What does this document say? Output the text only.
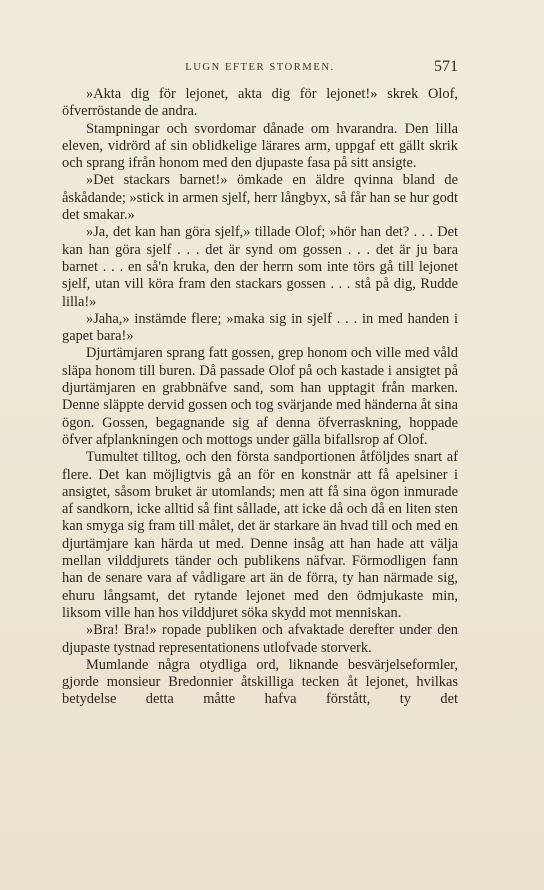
LUGN EFTER STORMEN.	571

»Akta dig för lejonet, akta dig för lejonet!» skrek Olof, öfverröstande de andra.

Stampningar och svordomar dånade om hvarandra. Den lilla eleven, vidrörd af sin oblidkelige lärares arm, uppgaf ett gällt skrik och sprang ifrån honom med den djupaste fasa på sitt ansigte.

»Det stackars barnet!» ömkade en äldre qvinna bland de åskådande; »stick in armen sjelf, herr långbyx, så får han se hur godt det smakar.»

»Ja, det kan han göra sjelf,» tillade Olof; »hör han det? . . . Det kan han göra sjelf . . . det är synd om gossen . . . det är ju bara barnet . . . en så'n kruka, den der herrn som inte törs gå till lejonet sjelf, utan vill köra fram den stackars gossen . . . stå på dig, Rudde lilla!»

»Jaha,» instämde flere; »maka sig in sjelf . . . in med handen i gapet bara!»

Djurtämjaren sprang fatt gossen, grep honom och ville med våld släpa honom till buren. Då passade Olof på och kastade i ansigtet på djurtämjaren en grabbnäfve sand, som han upptagit från marken. Denne släppte dervid gossen och tog svärjande med händerna åt sina ögon. Gossen, begagnande sig af denna öfverraskning, hoppade öfver afplankningen och mottogs under gälla bifallsrop af Olof.

Tumultet tilltog, och den första sandportionen åtföljdes snart af flere. Det kan möjligtvis gå an för en konstnär att få apelsiner i ansigtet, såsom bruket är utomlands; men att få sina ögon inmurade af sandkorn, icke alltid så fint sållade, att icke då och då en liten sten kan smyga sig fram till målet, det är starkare än hvad till och med en djurtämjare kan härda ut med. Denne insåg att han hade att välja mellan vilddjurets tänder och publikens näfvar. Förmodligen fann han de senare vara af vådligare art än de förra, ty han närmade sig, ehuru långsamt, det rytande lejonet med den ödmjukaste min, liksom ville han hos vilddjuret söka skydd mot menniskan.

»Bra! Bra!» ropade publiken och afvaktade derefter under den djupaste tystnad representationens utlofvade storverk.

Mumlande några otydliga ord, liknande besvärjelseformler, gjorde monsieur Bredonnier åtskilliga tecken åt lejonet, hvilkas betydelse detta måtte hafva förstått, ty det
